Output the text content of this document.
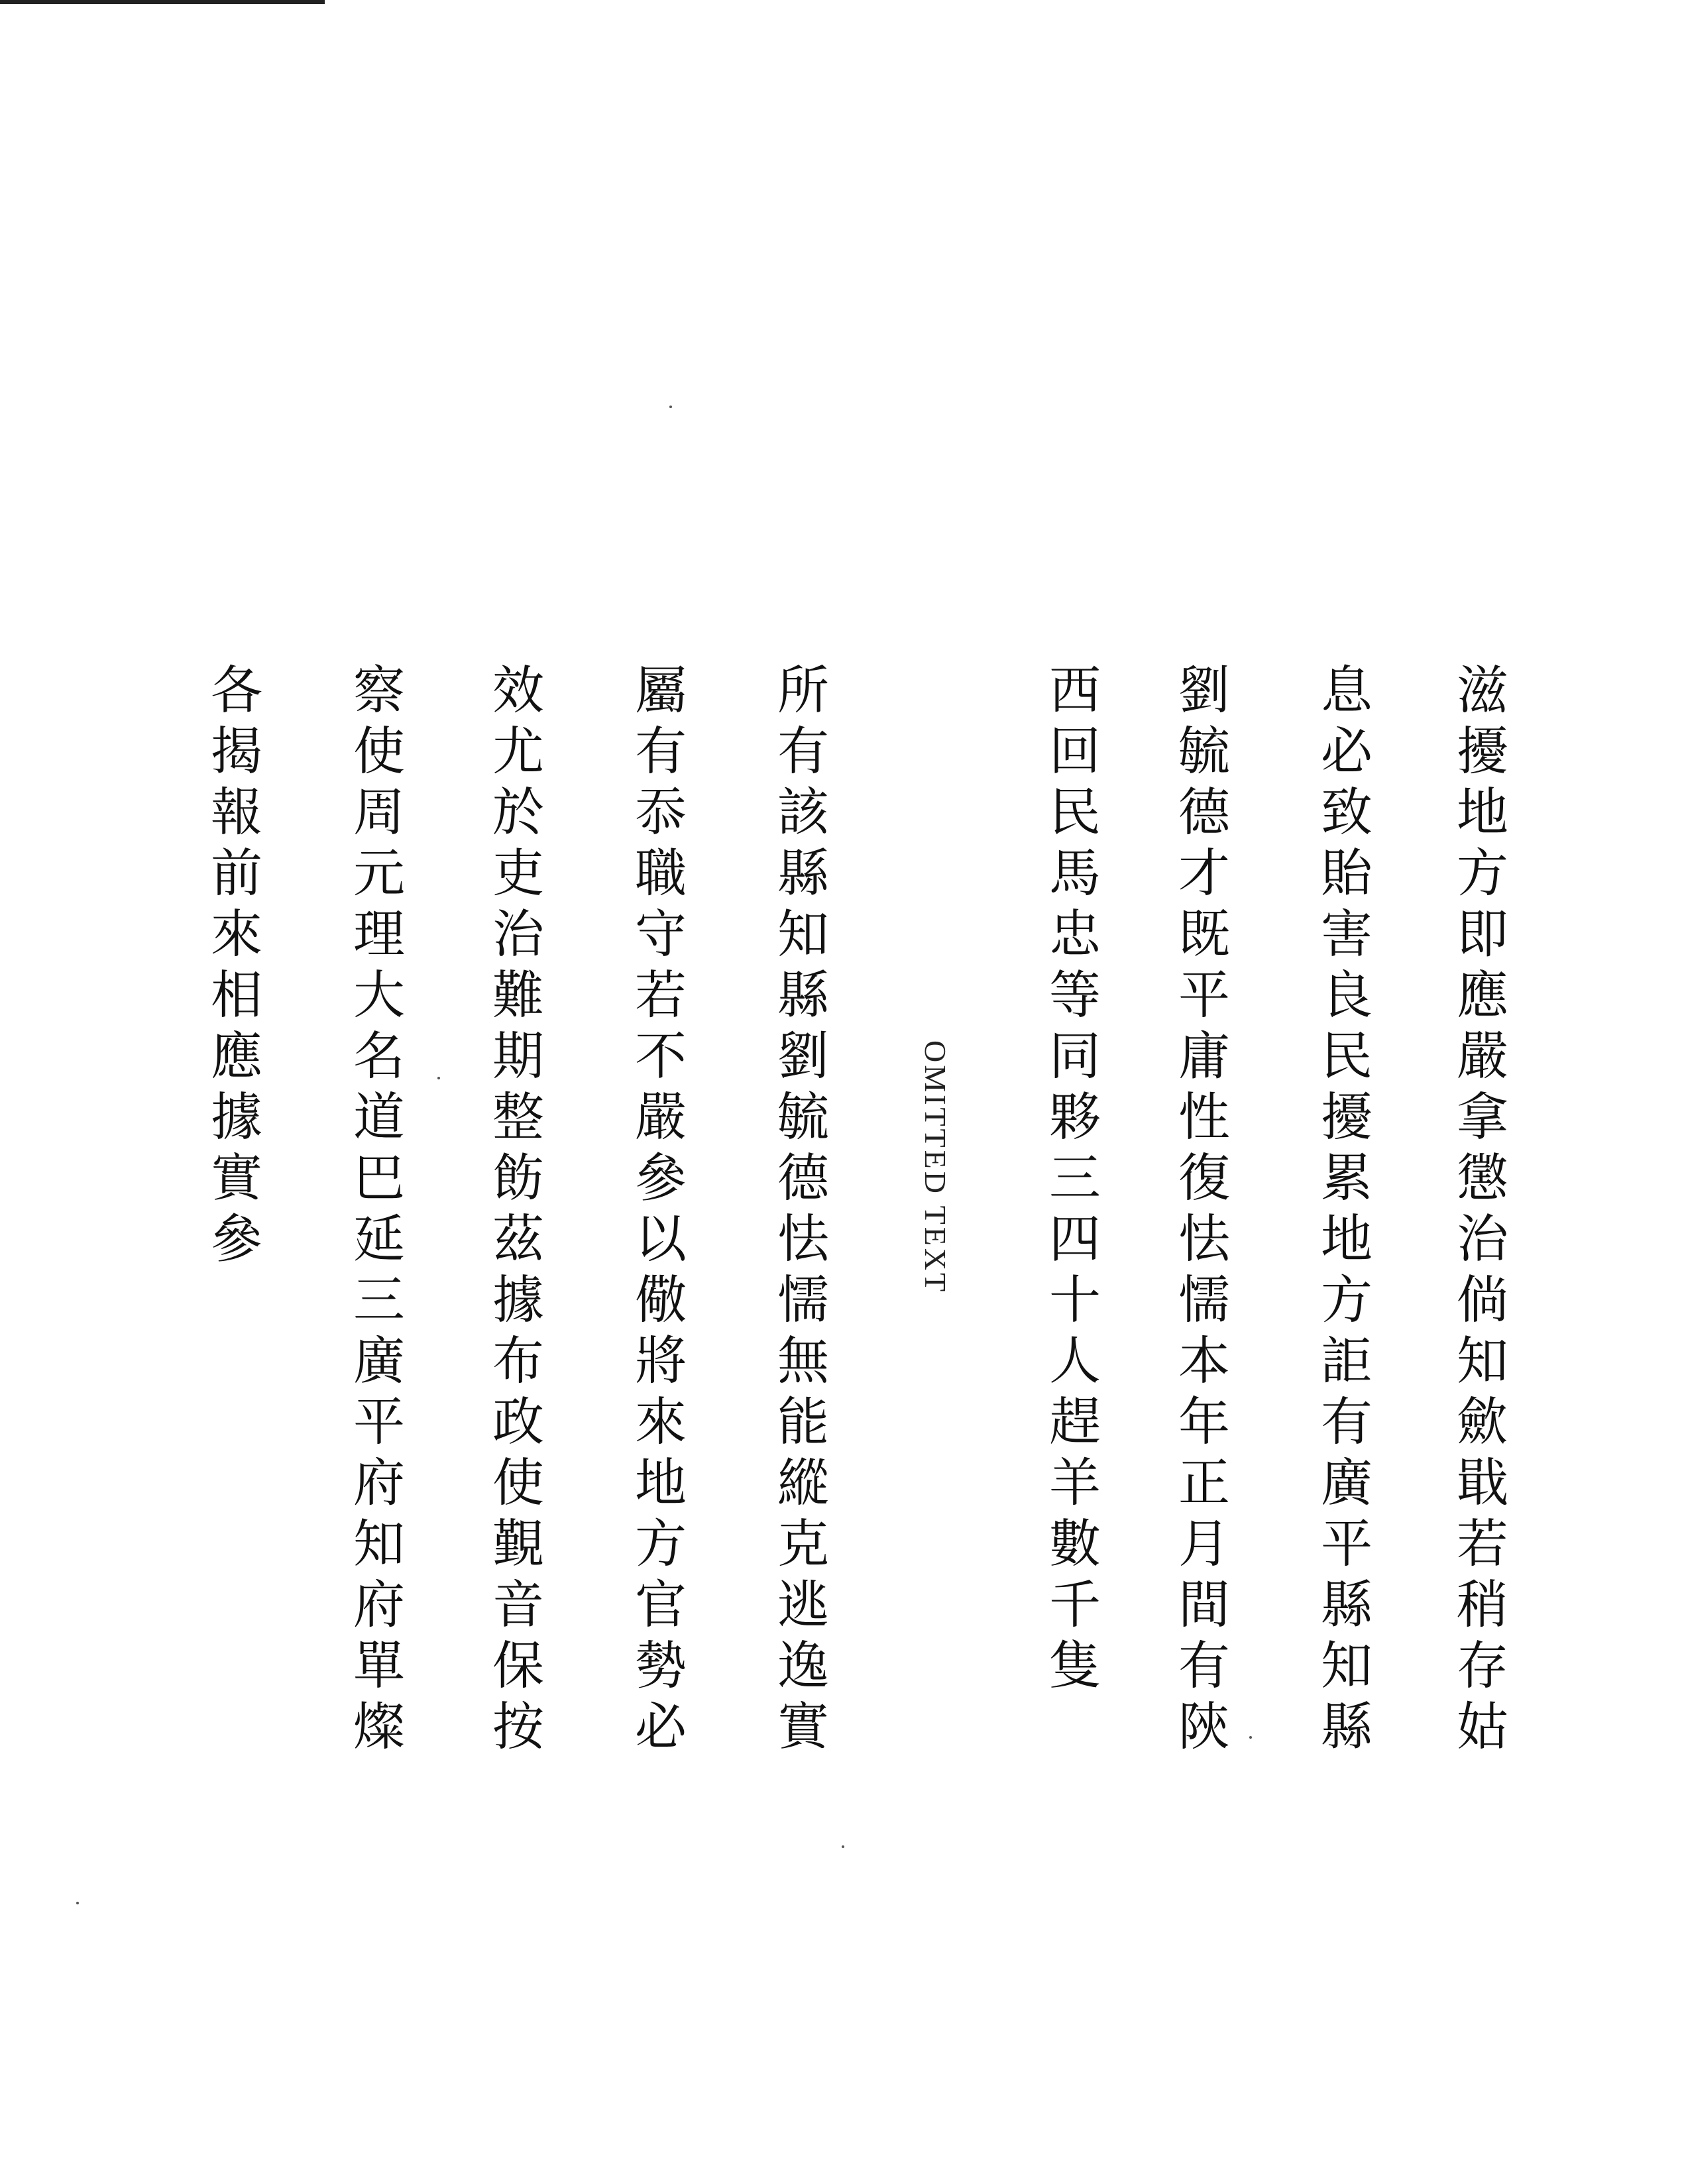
滋擾地方即應嚴拿懲治倘知歛戢若稍存姑

息必致貽害良民擾累地方詎有廣平縣知縣

劉毓德才既平庸性復怯懦本年正月間有陝

西回民馬忠等同夥三四十人趕羊數千隻

OMITTED TEXT

所有該縣知縣劉毓德怯懦無能縱克逃逸實

屬有忝職守若不嚴參以儆將來地方官勢必

效尤於吏治難期整飭茲據布政使覲音保按

察使周元理大名道巴延三廣平府知府單燦

各揭報前來相應據實參
